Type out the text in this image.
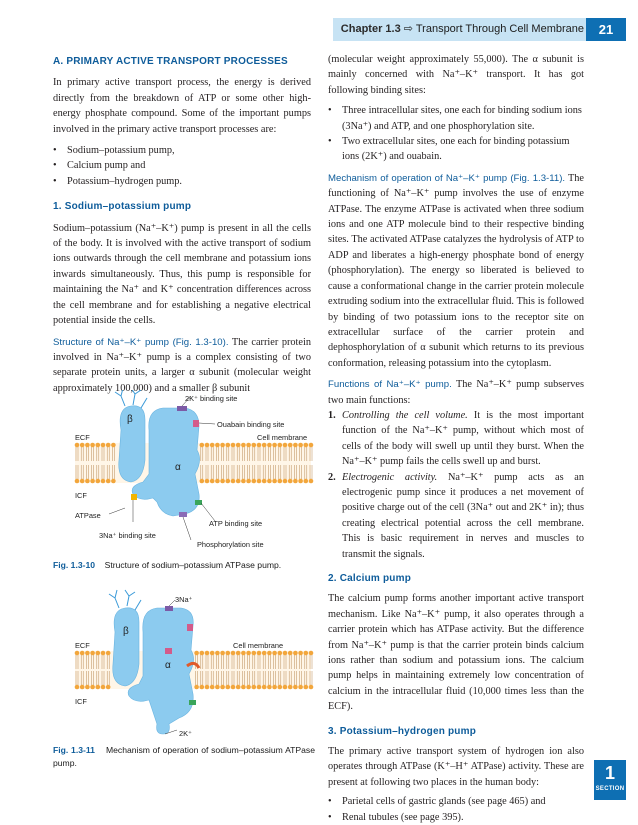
Chapter 1.3 ⇨ Transport Through Cell Membrane	21

A. PRIMARY ACTIVE TRANSPORT PROCESSES

In primary active transport process, the energy is derived directly from the breakdown of ATP or some other high-energy phosphate compound. Some of the important pumps involved in the primary active transport processes are:

• Sodium–potassium pump,
• Calcium pump and
• Potassium–hydrogen pump.

1. Sodium–potassium pump

Sodium–potassium (Na⁺–K⁺) pump is present in all the cells of the body. It is involved with the active transport of sodium ions outwards through the cell membrane and potassium ions inwards simultaneously. Thus, this pump is responsible for maintaining the Na⁺ and K⁺ concentration differences across the cell membrane and for establishing a negative electrical potential inside the cells.

Structure of Na⁺–K⁺ pump (Fig. 1.3-10). The carrier protein involved in Na⁺–K⁺ pump is a complex consisting of two separate protein units, a larger α subunit (molecular weight approximately 100,000) and a smaller β subunit

2K⁺ binding site
Ouabain binding site
β
α
ECF	Cell membrane
ICF
ATPase
ATP binding site
3Na⁺ binding site
Phosphorylation site
Fig. 1.3-10 Structure of sodium–potassium ATPase pump.
3Na⁺
β
α
ECF	Cell membrane
ICF
2K⁺
Fig. 1.3-11 Mechanism of operation of sodium–potassium ATPase pump.

(molecular weight approximately 55,000). The α subunit is mainly concerned with Na⁺–K⁺ transport. It has got following binding sites:

• Three intracellular sites, one each for binding sodium ions (3Na⁺) and ATP, and one phosphorylation site.
• Two extracellular sites, one each for binding potassium ions (2K⁺) and ouabain.

Mechanism of operation of Na⁺–K⁺ pump (Fig. 1.3-11). The functioning of Na⁺–K⁺ pump involves the use of enzyme ATPase. The enzyme ATPase is activated when three sodium ions and one ATP molecule bind to their respective binding sites. The activated ATPase catalyzes the hydrolysis of ATP to ADP and liberates a high-energy phosphate bond of energy (phosphorylation). The energy so liberated is believed to cause a conformational change in the carrier protein molecule extruding sodium into the extracellular fluid. This is followed by binding of two potassium ions to the receptor site on extracellular surface of the carrier protein and dephosphorylation of α subunit which returns to its previous conformation, releasing potassium into the cytoplasm.

Functions of Na⁺–K⁺ pump. The Na⁺–K⁺ pump subserves two main functions:

1. Controlling the cell volume. It is the most important function of the Na⁺–K⁺ pump, without which most of cells of the body will swell up until they burst. When the Na⁺–K⁺ pump fails the cells swell up and burst.
2. Electrogenic activity. Na⁺–K⁺ pump acts as an electrogenic pump since it produces a net movement of positive charge out of the cell (3Na⁺ out and 2K⁺ in); thus creating electrical potential across the cell membrane. This is basic requirement in nerves and muscles to transmit the signals.

2. Calcium pump

The calcium pump forms another important active transport mechanism. Like Na⁺–K⁺ pump, it also operates through a carrier protein which has ATPase activity. But the difference from Na⁺–K⁺ pump is that the carrier protein binds calcium ions rather than sodium and potassium ions. The calcium pump helps in maintaining extremely low concentration of calcium in the intracellular fluid (10,000 times less than the ECF).

3. Potassium–hydrogen pump

The primary active transport system of hydrogen ion also operates through ATPase (K⁺–H⁺ ATPase) activity. These are present at following two places in the human body:

• Parietal cells of gastric glands (see page 465) and
• Renal tubules (see page 395).
1
SECTION
